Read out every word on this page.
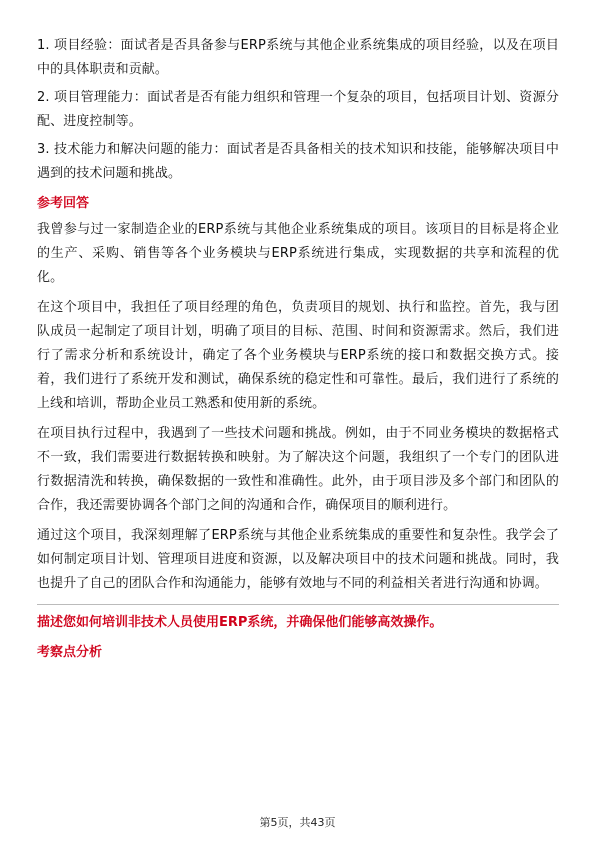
1. 项目经验：面试者是否具备参与ERP系统与其他企业系统集成的项目经验，以及在项目中的具体职责和贡献。

2. 项目管理能力：面试者是否有能力组织和管理一个复杂的项目，包括项目计划、资源分配、进度控制等。

3. 技术能力和解决问题的能力：面试者是否具备相关的技术知识和技能，能够解决项目中遇到的技术问题和挑战。

参考回答

我曾参与过一家制造企业的ERP系统与其他企业系统集成的项目。该项目的目标是将企业的生产、采购、销售等各个业务模块与ERP系统进行集成，实现数据的共享和流程的优化。

在这个项目中，我担任了项目经理的角色，负责项目的规划、执行和监控。首先，我与团队成员一起制定了项目计划，明确了项目的目标、范围、时间和资源需求。然后，我们进行了需求分析和系统设计，确定了各个业务模块与ERP系统的接口和数据交换方式。接着，我们进行了系统开发和测试，确保系统的稳定性和可靠性。最后，我们进行了系统的上线和培训，帮助企业员工熟悉和使用新的系统。

在项目执行过程中，我遇到了一些技术问题和挑战。例如，由于不同业务模块的数据格式不一致，我们需要进行数据转换和映射。为了解决这个问题，我组织了一个专门的团队进行数据清洗和转换，确保数据的一致性和准确性。此外，由于项目涉及多个部门和团队的合作，我还需要协调各个部门之间的沟通和合作，确保项目的顺利进行。

通过这个项目，我深刻理解了ERP系统与其他企业系统集成的重要性和复杂性。我学会了如何制定项目计划、管理项目进度和资源，以及解决项目中的技术问题和挑战。同时，我也提升了自己的团队合作和沟通能力，能够有效地与不同的利益相关者进行沟通和协调。

描述您如何培训非技术人员使用ERP系统，并确保他们能够高效操作。
考察点分析
第5页，共43页
